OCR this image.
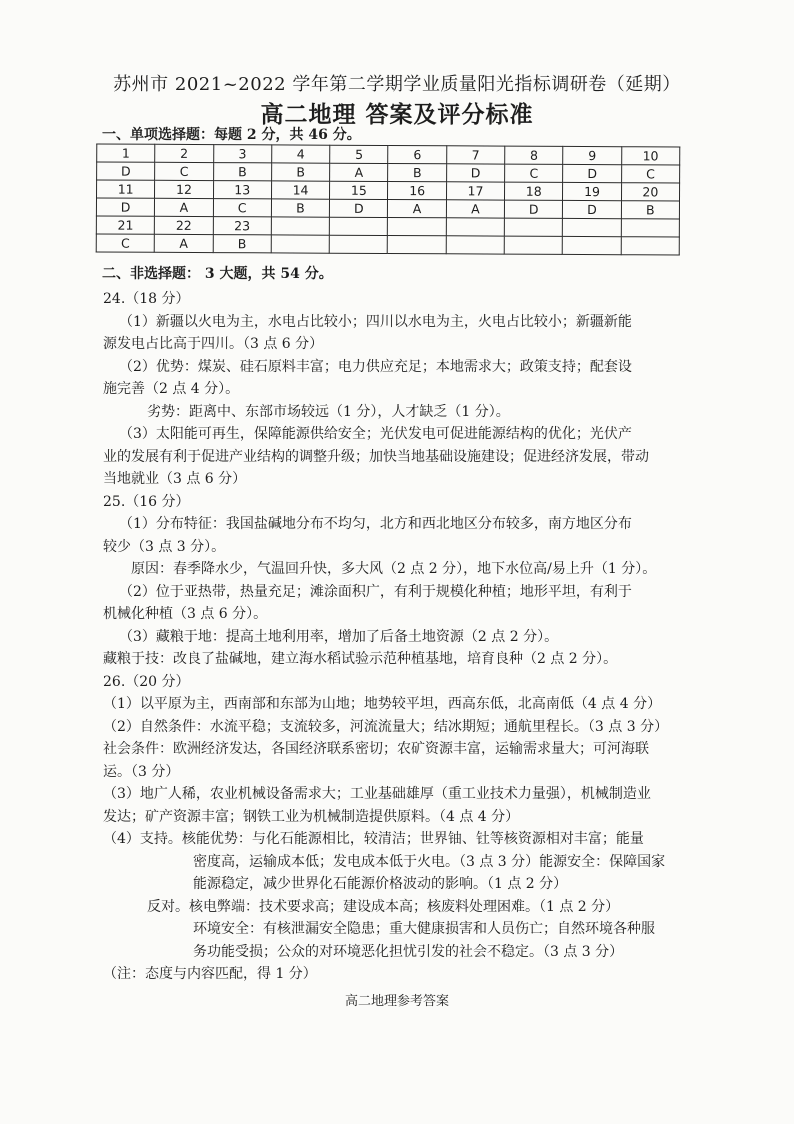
苏州市 2021~2022 学年第二学期学业质量阳光指标调研卷（延期）
高二地理 答案及评分标准
一、单项选择题：每题 2 分，共 46 分。
1	2	3	4	5	6	7	8	9	10
D	C	B	B	A	B	D	C	D	C
11	12	13	14	15	16	17	18	19	20
D	A	C	B	D	A	A	D	D	B
21	22	23							
C	A	B							
二、非选择题： 3 大题，共 54 分。
24.（18 分）
（1）新疆以火电为主，水电占比较小；四川以水电为主，火电占比较小；新疆新能
源发电占比高于四川。（3 点 6 分）
（2）优势：煤炭、硅石原料丰富；电力供应充足；本地需求大；政策支持；配套设
施完善（2 点 4 分）。
劣势：距离中、东部市场较远（1 分），人才缺乏（1 分）。
（3）太阳能可再生，保障能源供给安全；光伏发电可促进能源结构的优化；光伏产
业的发展有利于促进产业结构的调整升级；加快当地基础设施建设；促进经济发展，带动
当地就业（3 点 6 分）
25.（16 分）
（1）分布特征：我国盐碱地分布不均匀，北方和西北地区分布较多，南方地区分布
较少（3 点 3 分）。
原因：春季降水少，气温回升快，多大风（2 点 2 分），地下水位高/易上升（1 分）。
（2）位于亚热带，热量充足；滩涂面积广，有利于规模化种植；地形平坦，有利于
机械化种植（3 点 6 分）。
（3）藏粮于地：提高土地利用率，增加了后备土地资源（2 点 2 分）。
藏粮于技：改良了盐碱地，建立海水稻试验示范种植基地，培育良种（2 点 2 分）。
26.（20 分）
（1）以平原为主，西南部和东部为山地；地势较平坦，西高东低，北高南低（4 点 4 分）
（2）自然条件：水流平稳；支流较多，河流流量大；结冰期短；通航里程长。（3 点 3 分）
社会条件：欧洲经济发达，各国经济联系密切；农矿资源丰富，运输需求量大；可河海联
运。（3 分）
（3）地广人稀，农业机械设备需求大；工业基础雄厚（重工业技术力量强），机械制造业
发达；矿产资源丰富；钢铁工业为机械制造提供原料。（4 点 4 分）
（4）支持。核能优势：与化石能源相比，较清洁；世界铀、钍等核资源相对丰富；能量
密度高，运输成本低；发电成本低于火电。（3 点 3 分）能源安全：保障国家
能源稳定，减少世界化石能源价格波动的影响。（1 点 2 分）
反对。核电弊端：技术要求高；建设成本高；核废料处理困难。（1 点 2 分）
环境安全：有核泄漏安全隐患；重大健康损害和人员伤亡；自然环境各种服
务功能受损；公众的对环境恶化担忧引发的社会不稳定。（3 点 3 分）
（注：态度与内容匹配，得 1 分）
高二地理参考答案
